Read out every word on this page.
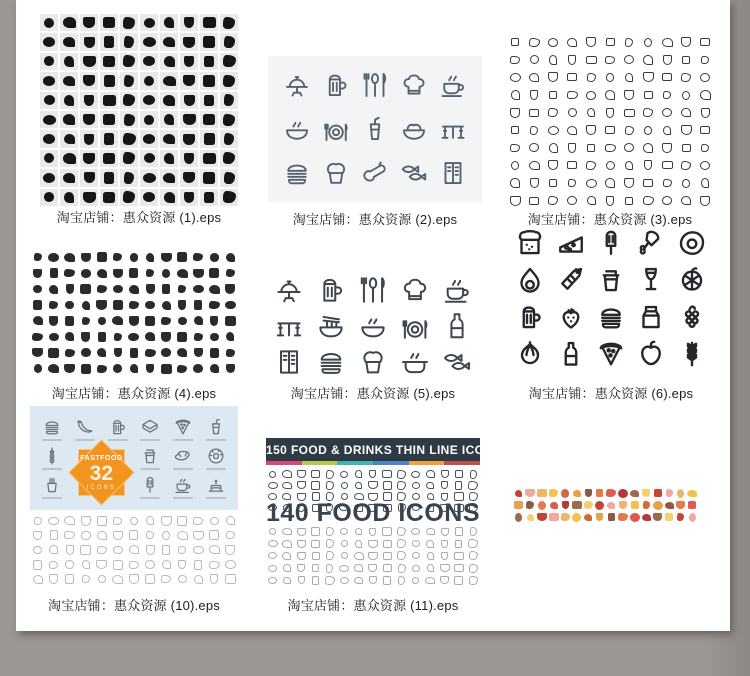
淘宝店铺：惠众资源 (1).eps	淘宝店铺：惠众资源 (2).eps	淘宝店铺：惠众资源 (3).eps
淘宝店铺：惠众资源 (4).eps	淘宝店铺：惠众资源 (5).eps	淘宝店铺：惠众资源 (6).eps
FASTFOOD
32
ICONS
淘宝店铺：惠众资源 (10).eps
150 FOOD & DRINKS THIN LINE ICONS
140 FOOD ICONS
淘宝店铺：惠众资源 (11).eps
